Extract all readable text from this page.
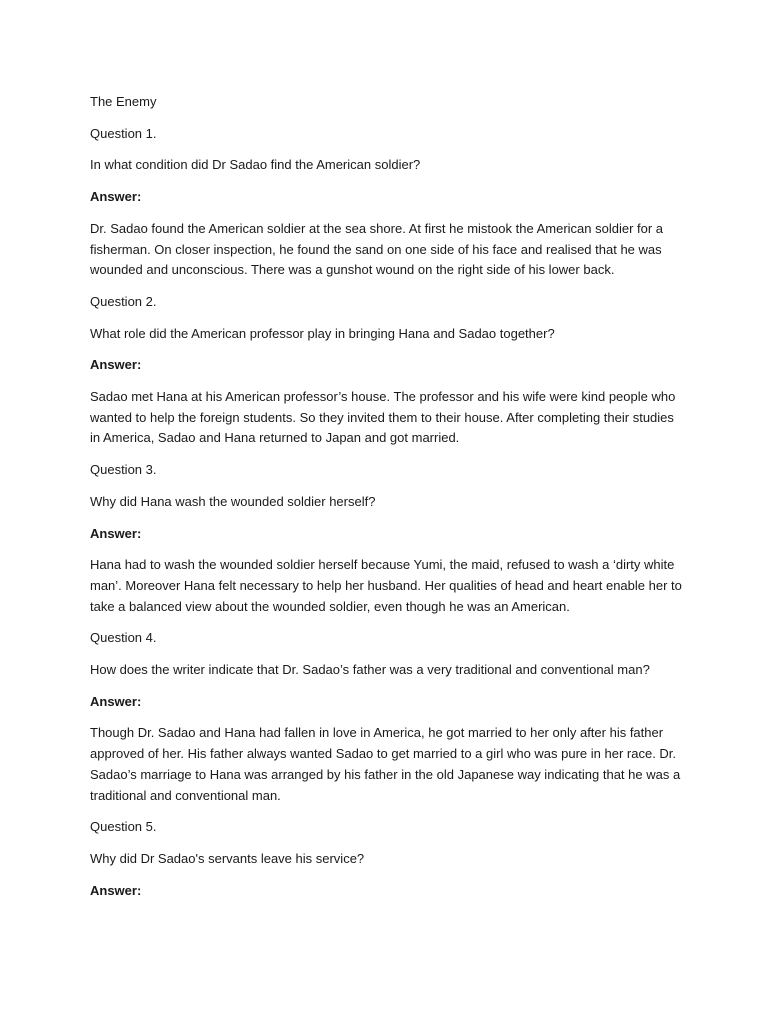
The Enemy

Question 1.

In what condition did Dr Sadao find the American soldier?

Answer:

Dr. Sadao found the American soldier at the sea shore. At first he mistook the American soldier for a
fisherman. On closer inspection, he found the sand on one side of his face and realised that he was
wounded and unconscious. There was a gunshot wound on the right side of his lower back.

Question 2.

What role did the American professor play in bringing Hana and Sadao together?

Answer:

Sadao met Hana at his American professor’s house. The professor and his wife were kind people who
wanted to help the foreign students. So they invited them to their house. After completing their studies
in America, Sadao and Hana returned to Japan and got married.

Question 3.

Why did Hana wash the wounded soldier herself?

Answer:

Hana had to wash the wounded soldier herself because Yumi, the maid, refused to wash a ‘dirty white
man’. Moreover Hana felt necessary to help her husband. Her qualities of head and heart enable her to
take a balanced view about the wounded soldier, even though he was an American.

Question 4.

How does the writer indicate that Dr. Sadao’s father was a very traditional and conventional man?

Answer:

Though Dr. Sadao and Hana had fallen in love in America, he got married to her only after his father
approved of her. His father always wanted Sadao to get married to a girl who was pure in her race. Dr.
Sadao’s marriage to Hana was arranged by his father in the old Japanese way indicating that he was a
traditional and conventional man.

Question 5.

Why did Dr Sadao's servants leave his service?

Answer:
